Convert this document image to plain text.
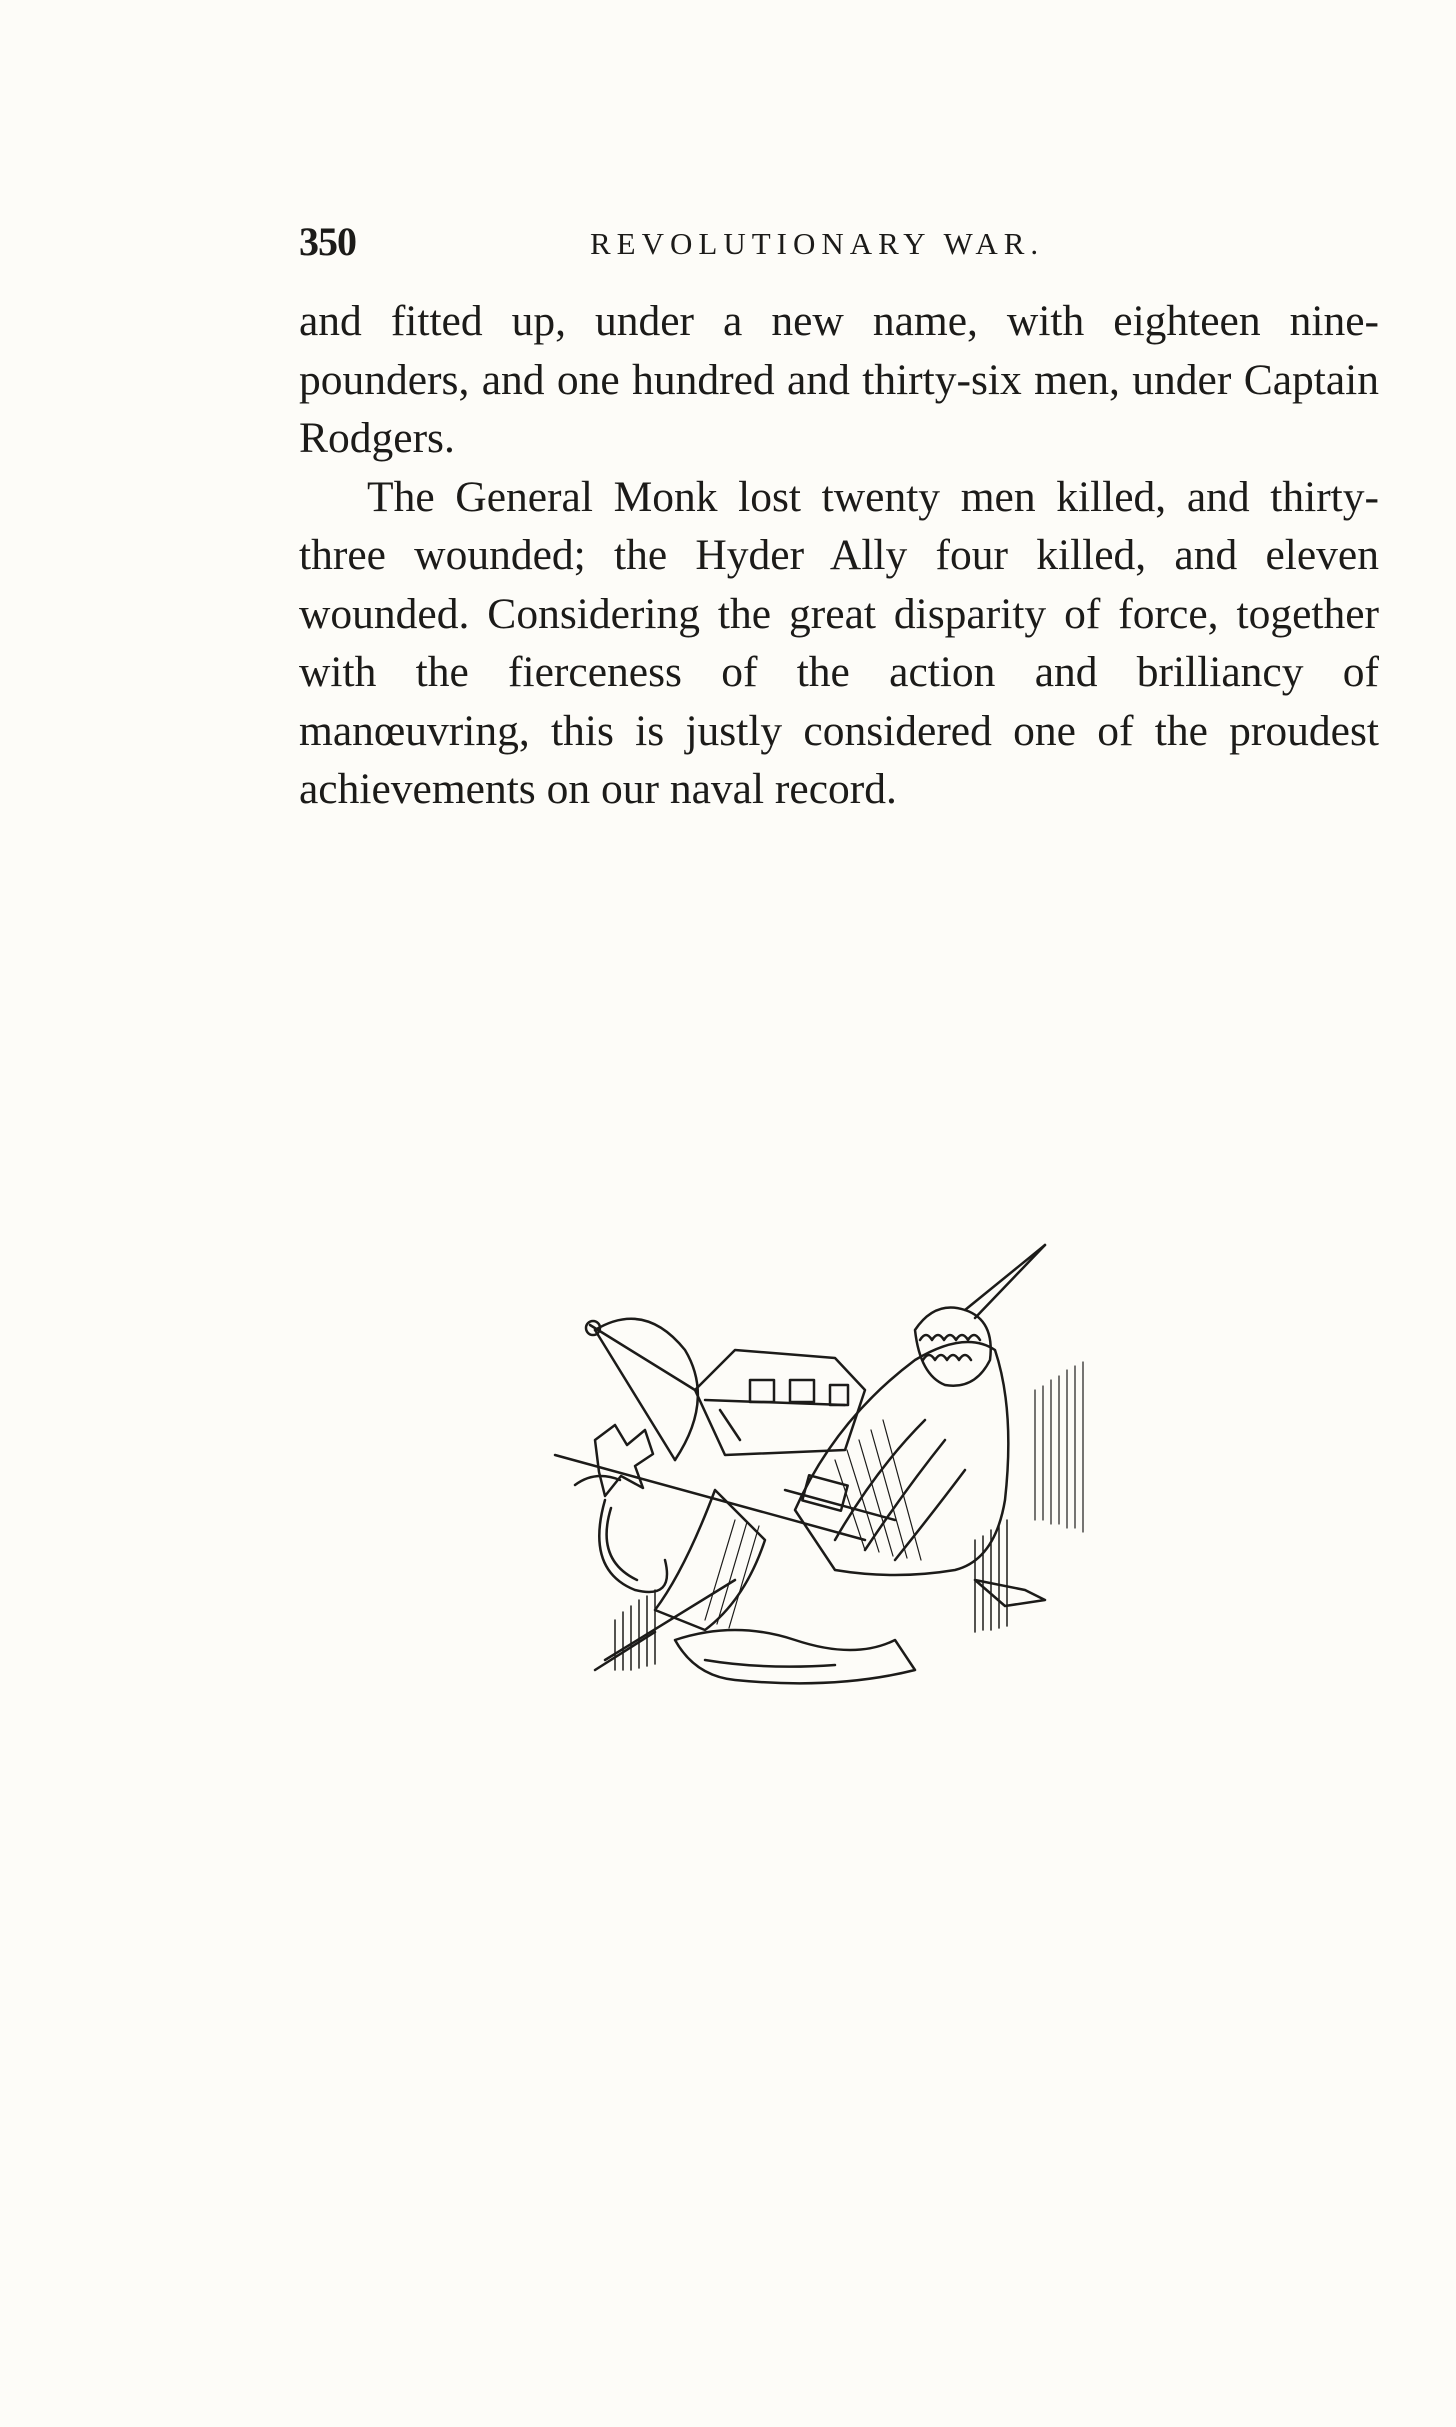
350	REVOLUTIONARY WAR.

and fitted up, under a new name, with eighteen nine-pounders, and one hundred and thirty-six men, under Captain Rodgers.

The General Monk lost twenty men killed, and thirty-three wounded; the Hyder Ally four killed, and eleven wounded. Considering the great disparity of force, together with the fierceness of the action and brilliancy of manœuvring, this is justly considered one of the proudest achievements on our naval record.
